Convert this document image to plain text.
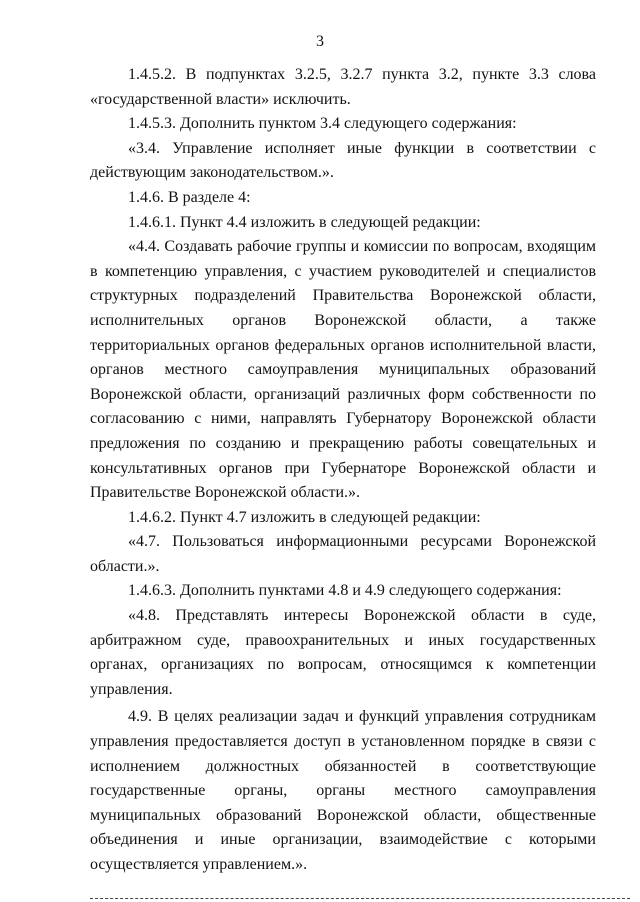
3

1.4.5.2. В подпунктах 3.2.5, 3.2.7 пункта 3.2, пункте 3.3 слова «государственной власти» исключить.

1.4.5.3. Дополнить пунктом 3.4 следующего содержания:

«3.4. Управление исполняет иные функции в соответствии с действующим законодательством.».

1.4.6. В разделе 4:

1.4.6.1. Пункт 4.4 изложить в следующей редакции:

«4.4. Создавать рабочие группы и комиссии по вопросам, входящим в компетенцию управления, с участием руководителей и специалистов структурных подразделений Правительства Воронежской области, исполнительных органов Воронежской области, а также территориальных органов федеральных органов исполнительной власти, органов местного самоуправления муниципальных образований Воронежской области, организаций различных форм собственности по согласованию с ними, направлять Губернатору Воронежской области предложения по созданию и прекращению работы совещательных и консультативных органов при Губернаторе Воронежской области и Правительстве Воронежской области.».

1.4.6.2. Пункт 4.7 изложить в следующей редакции:

«4.7. Пользоваться информационными ресурсами Воронежской области.».

1.4.6.3. Дополнить пунктами 4.8 и 4.9 следующего содержания:

«4.8. Представлять интересы Воронежской области в суде, арбитражном суде, правоохранительных и иных государственных органах, организациях по вопросам, относящимся к компетенции управления.

4.9. В целях реализации задач и функций управления сотрудникам управления предоставляется доступ в установленном порядке в связи с исполнением должностных обязанностей в соответствующие государственные органы, органы местного самоуправления муниципальных образований Воронежской области, общественные объединения и иные организации, взаимодействие с которыми осуществляется управлением.».
